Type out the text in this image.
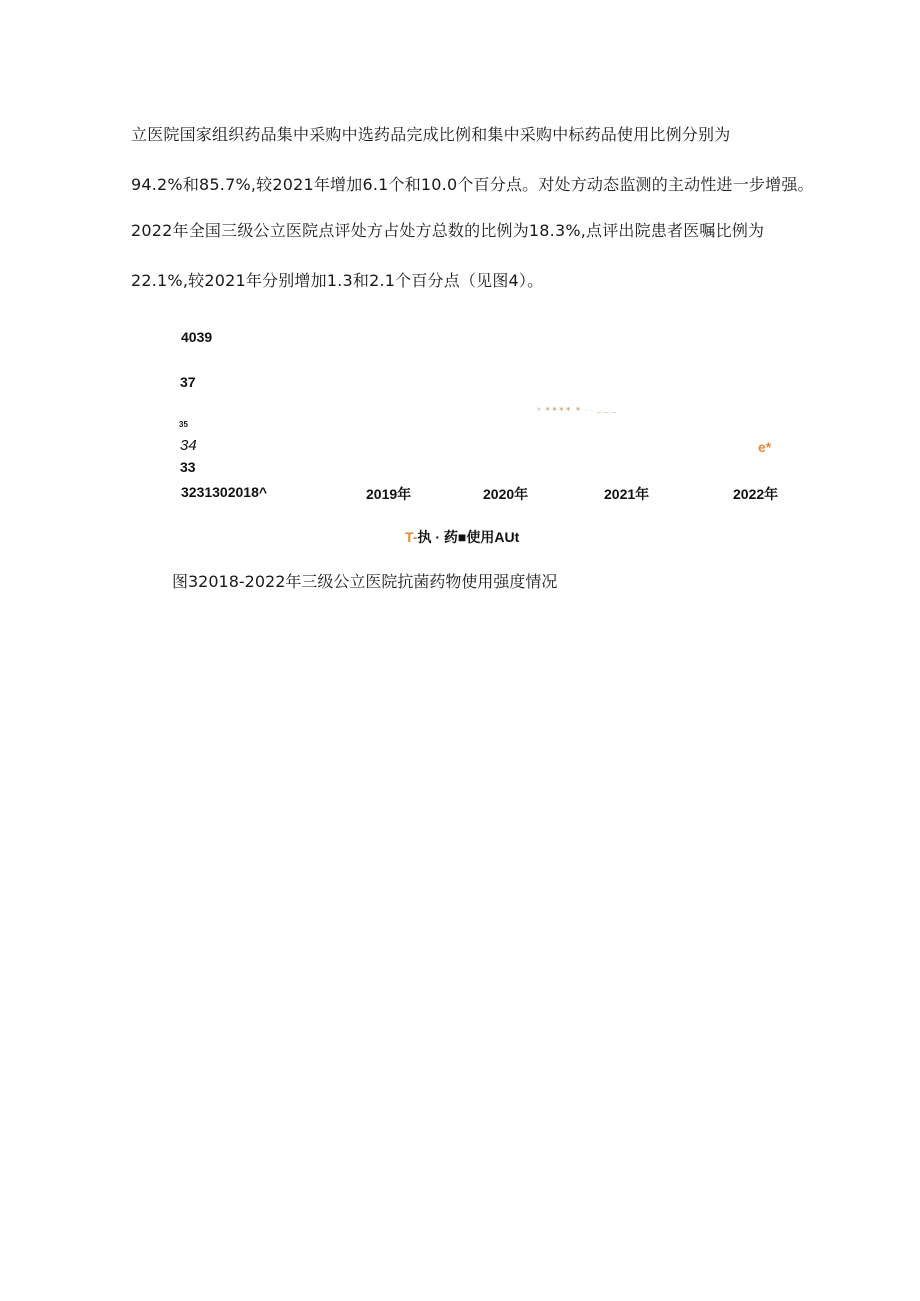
立医院国家组织药品集中采购中选药品完成比例和集中采购中标药品使用比例分别为
94.2%和85.7%,较2021年增加6.1个和10.0个百分点。对处方动态监测的主动性进一步增强。
2022年全国三级公立医院点评处方占处方总数的比例为18.3%,点评出院患者医嘱比例为
22.1%,较2021年分别增加1.3和2.1个百分点（见图4）。
4039
37
35
34
33
» ∗∗∗∗ ∗ . . _ _ _
e*
3231302018^	2019年	2020年	2021年	2022年
T-执 · 药■使用AUt
图32018-2022年三级公立医院抗菌药物使用强度情况
